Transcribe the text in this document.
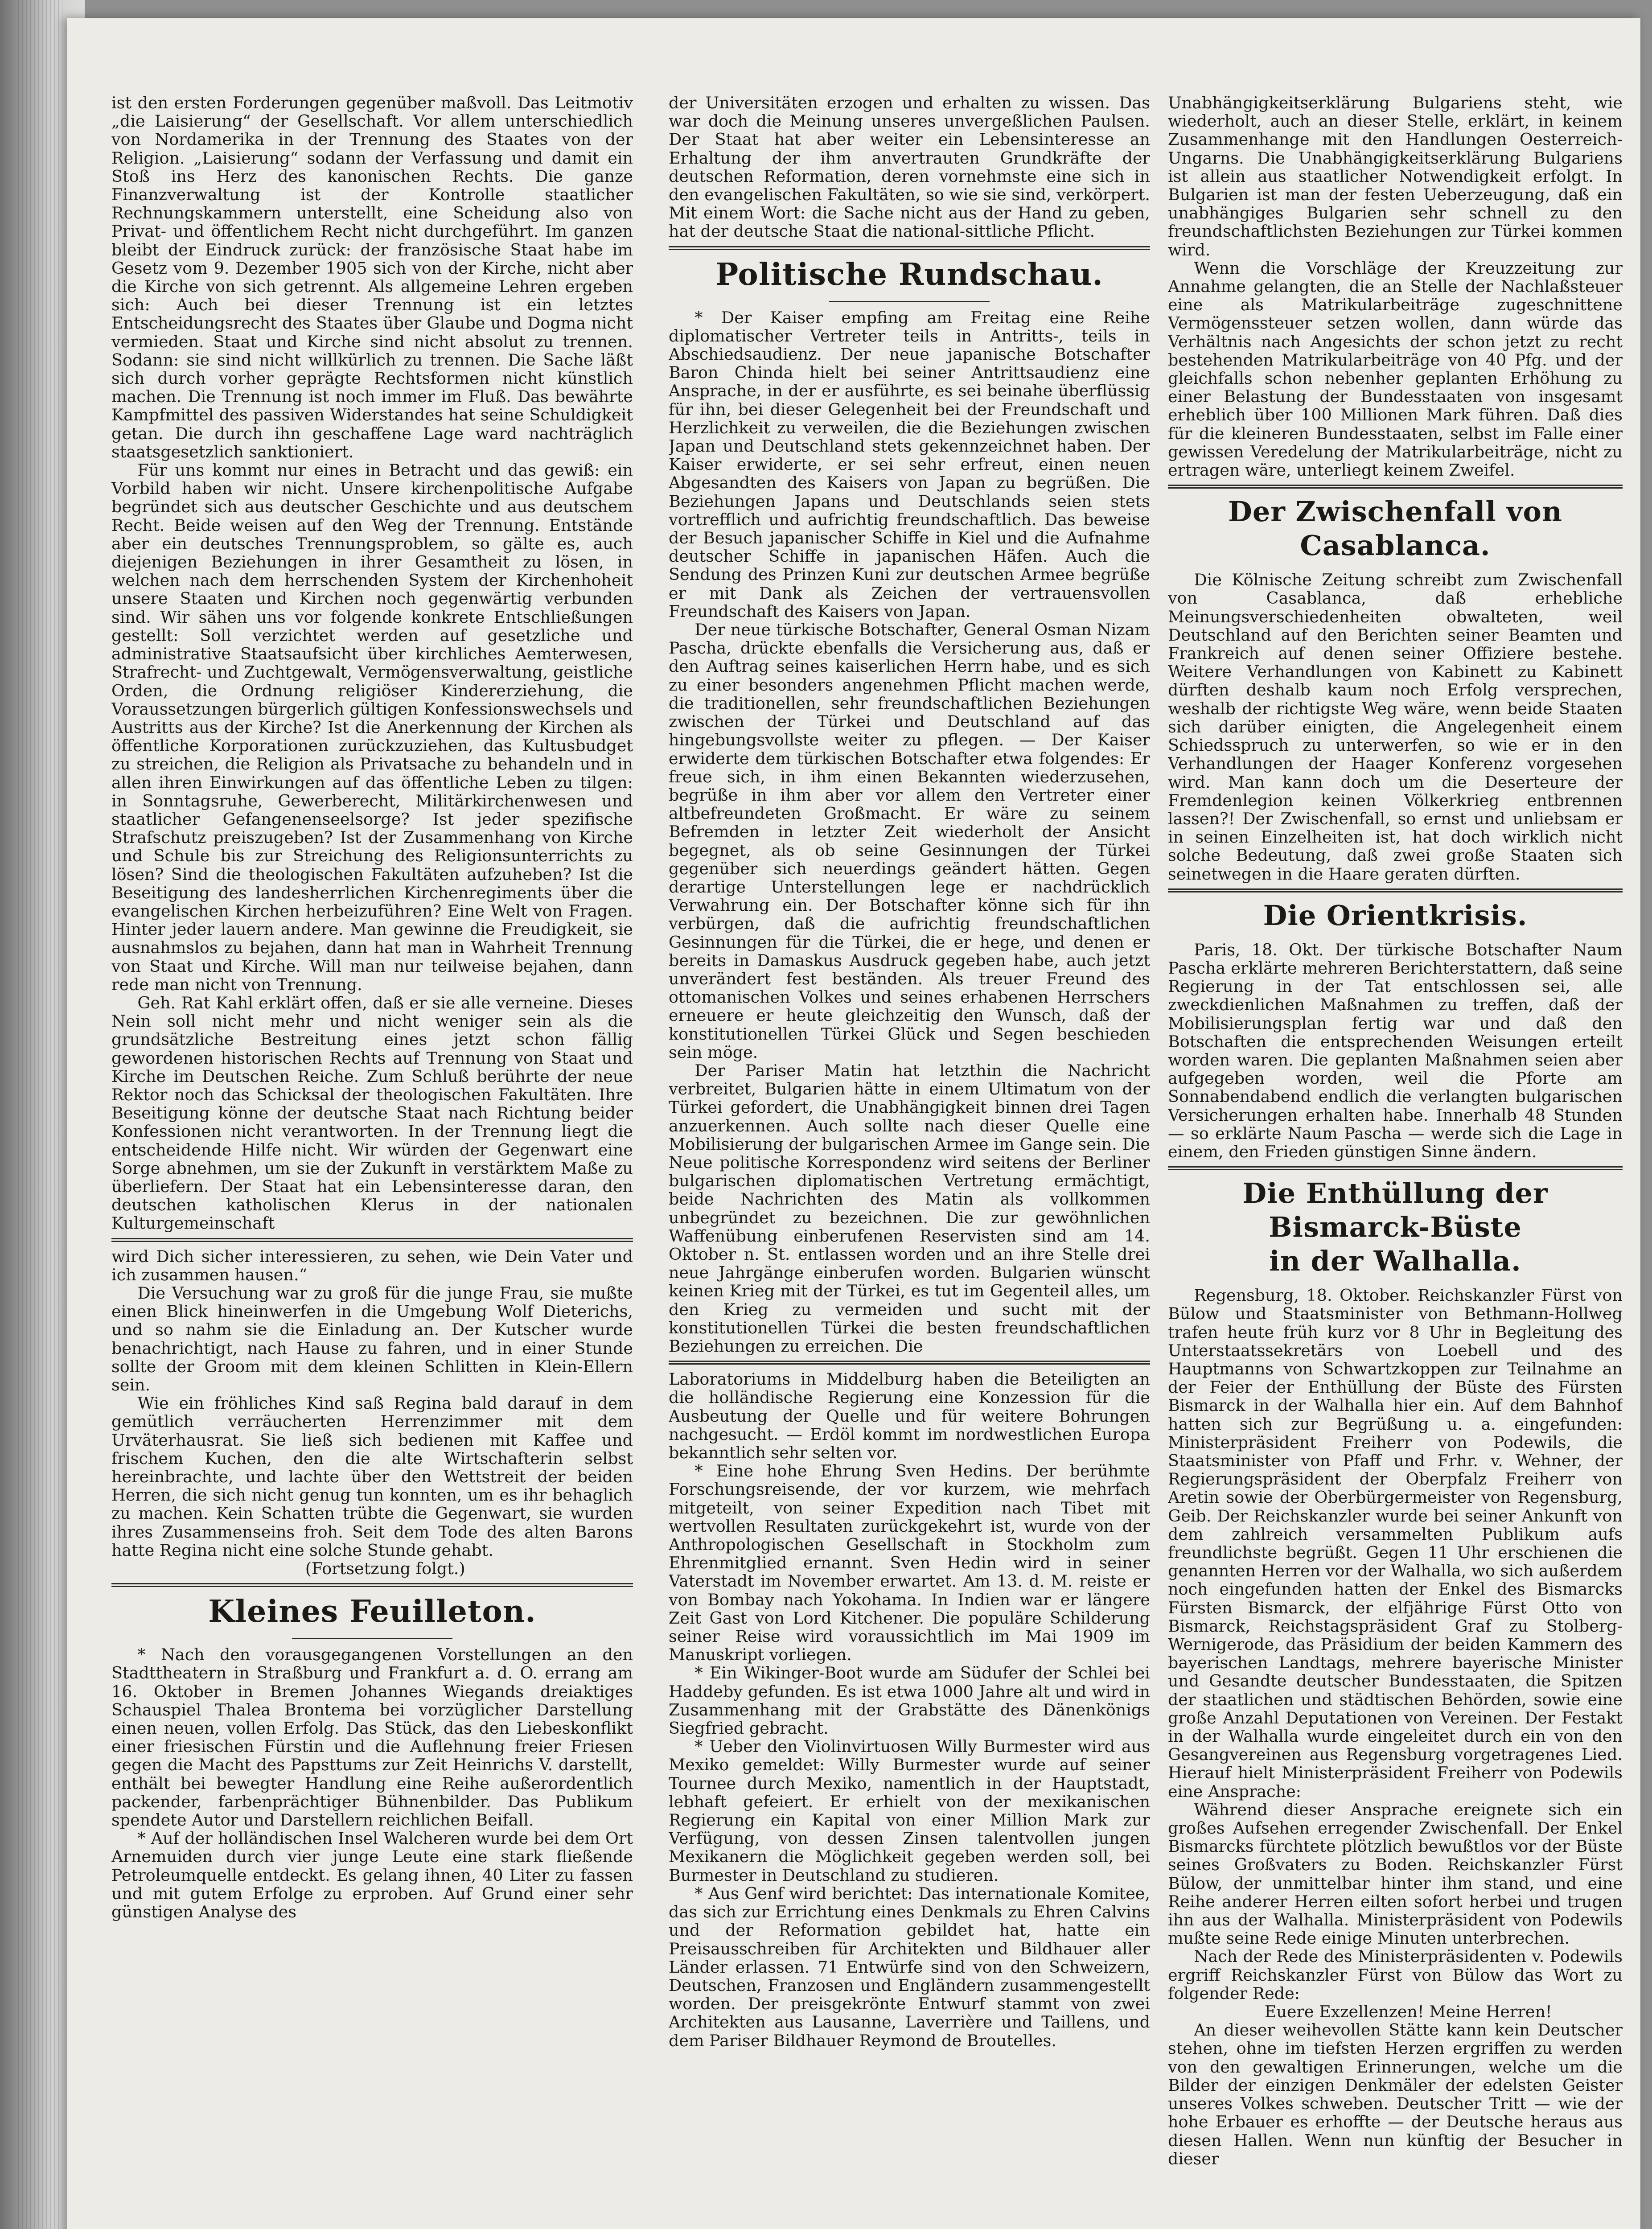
ist den ersten Forderungen gegenüber maßvoll. Das Leitmotiv „die Laisierung“ der Gesellschaft. Vor allem unterschiedlich von Nordamerika in der Trennung des Staates von der Religion. „Laisierung“ sodann der Verfassung und damit ein Stoß ins Herz des kanonischen Rechts. Die ganze Finanzverwaltung ist der Kontrolle staatlicher Rechnungskammern unterstellt, eine Scheidung also von Privat- und öffentlichem Recht nicht durchgeführt. Im ganzen bleibt der Eindruck zurück: der französische Staat habe im Gesetz vom 9. Dezember 1905 sich von der Kirche, nicht aber die Kirche von sich getrennt. Als allgemeine Lehren ergeben sich: Auch bei dieser Trennung ist ein letztes Entscheidungsrecht des Staates über Glaube und Dogma nicht vermieden. Staat und Kirche sind nicht absolut zu trennen. Sodann: sie sind nicht willkürlich zu trennen. Die Sache läßt sich durch vorher geprägte Rechtsformen nicht künstlich machen. Die Trennung ist noch immer im Fluß. Das bewährte Kampfmittel des passiven Widerstandes hat seine Schuldigkeit getan. Die durch ihn geschaffene Lage ward nachträglich staatsgesetzlich sanktioniert.

Für uns kommt nur eines in Betracht und das gewiß: ein Vorbild haben wir nicht. Unsere kirchenpolitische Aufgabe begründet sich aus deutscher Geschichte und aus deutschem Recht. Beide weisen auf den Weg der Trennung. Entstände aber ein deutsches Trennungsproblem, so gälte es, auch diejenigen Beziehungen in ihrer Gesamtheit zu lösen, in welchen nach dem herrschenden System der Kirchenhoheit unsere Staaten und Kirchen noch gegenwärtig verbunden sind. Wir sähen uns vor folgende konkrete Entschließungen gestellt: Soll verzichtet werden auf gesetzliche und administrative Staatsaufsicht über kirchliches Aemterwesen, Strafrecht- und Zuchtgewalt, Vermögensverwaltung, geistliche Orden, die Ordnung religiöser Kindererziehung, die Voraussetzungen bürgerlich gültigen Konfessionswechsels und Austritts aus der Kirche? Ist die Anerkennung der Kirchen als öffentliche Korporationen zurückzuziehen, das Kultusbudget zu streichen, die Religion als Privatsache zu behandeln und in allen ihren Einwirkungen auf das öffentliche Leben zu tilgen: in Sonntagsruhe, Gewerberecht, Militärkirchenwesen und staatlicher Gefangenenseelsorge? Ist jeder spezifische Strafschutz preiszugeben? Ist der Zusammenhang von Kirche und Schule bis zur Streichung des Religionsunterrichts zu lösen? Sind die theologischen Fakultäten aufzuheben? Ist die Beseitigung des landesherrlichen Kirchenregiments über die evangelischen Kirchen herbeizuführen? Eine Welt von Fragen. Hinter jeder lauern andere. Man gewinne die Freudigkeit, sie ausnahmslos zu bejahen, dann hat man in Wahrheit Trennung von Staat und Kirche. Will man nur teilweise bejahen, dann rede man nicht von Trennung.

Geh. Rat Kahl erklärt offen, daß er sie alle verneine. Dieses Nein soll nicht mehr und nicht weniger sein als die grundsätzliche Bestreitung eines jetzt schon fällig gewordenen historischen Rechts auf Trennung von Staat und Kirche im Deutschen Reiche. Zum Schluß berührte der neue Rektor noch das Schicksal der theologischen Fakultäten. Ihre Beseitigung könne der deutsche Staat nach Richtung beider Konfessionen nicht verantworten. In der Trennung liegt die entscheidende Hilfe nicht. Wir würden der Gegenwart eine Sorge abnehmen, um sie der Zukunft in verstärktem Maße zu überliefern. Der Staat hat ein Lebensinteresse daran, den deutschen katholischen Klerus in der nationalen Kulturgemeinschaft

wird Dich sicher interessieren, zu sehen, wie Dein Vater und ich zusammen hausen.“

Die Versuchung war zu groß für die junge Frau, sie mußte einen Blick hineinwerfen in die Umgebung Wolf Dieterichs, und so nahm sie die Einladung an. Der Kutscher wurde benachrichtigt, nach Hause zu fahren, und in einer Stunde sollte der Groom mit dem kleinen Schlitten in Klein-Ellern sein.

Wie ein fröhliches Kind saß Regina bald darauf in dem gemütlich verräucherten Herrenzimmer mit dem Urväterhausrat. Sie ließ sich bedienen mit Kaffee und frischem Kuchen, den die alte Wirtschafterin selbst hereinbrachte, und lachte über den Wettstreit der beiden Herren, die sich nicht genug tun konnten, um es ihr behaglich zu machen. Kein Schatten trübte die Gegenwart, sie wurden ihres Zusammenseins froh. Seit dem Tode des alten Barons hatte Regina nicht eine solche Stunde gehabt.

(Fortsetzung folgt.)

Kleines Feuilleton.

* Nach den vorausgegangenen Vorstellungen an den Stadttheatern in Straßburg und Frankfurt a. d. O. errang am 16. Oktober in Bremen Johannes Wiegands dreiaktiges Schauspiel Thalea Brontema bei vorzüglicher Darstellung einen neuen, vollen Erfolg. Das Stück, das den Liebeskonflikt einer friesischen Fürstin und die Auflehnung freier Friesen gegen die Macht des Papsttums zur Zeit Heinrichs V. darstellt, enthält bei bewegter Handlung eine Reihe außerordentlich packender, farbenprächtiger Bühnenbilder. Das Publikum spendete Autor und Darstellern reichlichen Beifall.

* Auf der holländischen Insel Walcheren wurde bei dem Ort Arnemuiden durch vier junge Leute eine stark fließende Petroleumquelle entdeckt. Es gelang ihnen, 40 Liter zu fassen und mit gutem Erfolge zu erproben. Auf Grund einer sehr günstigen Analyse des

der Universitäten erzogen und erhalten zu wissen. Das war doch die Meinung unseres unvergeßlichen Paulsen. Der Staat hat aber weiter ein Lebensinteresse an Erhaltung der ihm anvertrauten Grundkräfte der deutschen Reformation, deren vornehmste eine sich in den evangelischen Fakultäten, so wie sie sind, verkörpert. Mit einem Wort: die Sache nicht aus der Hand zu geben, hat der deutsche Staat die national-sittliche Pflicht.

Politische Rundschau.

* Der Kaiser empfing am Freitag eine Reihe diplomatischer Vertreter teils in Antritts-, teils in Abschiedsaudienz. Der neue japanische Botschafter Baron Chinda hielt bei seiner Antrittsaudienz eine Ansprache, in der er ausführte, es sei beinahe überflüssig für ihn, bei dieser Gelegenheit bei der Freundschaft und Herzlichkeit zu verweilen, die die Beziehungen zwischen Japan und Deutschland stets gekennzeichnet haben. Der Kaiser erwiderte, er sei sehr erfreut, einen neuen Abgesandten des Kaisers von Japan zu begrüßen. Die Beziehungen Japans und Deutschlands seien stets vortrefflich und aufrichtig freundschaftlich. Das beweise der Besuch japanischer Schiffe in Kiel und die Aufnahme deutscher Schiffe in japanischen Häfen. Auch die Sendung des Prinzen Kuni zur deutschen Armee begrüße er mit Dank als Zeichen der vertrauensvollen Freundschaft des Kaisers von Japan.

Der neue türkische Botschafter, General Osman Nizam Pascha, drückte ebenfalls die Versicherung aus, daß er den Auftrag seines kaiserlichen Herrn habe, und es sich zu einer besonders angenehmen Pflicht machen werde, die traditionellen, sehr freundschaftlichen Beziehungen zwischen der Türkei und Deutschland auf das hingebungsvollste weiter zu pflegen. — Der Kaiser erwiderte dem türkischen Botschafter etwa folgendes: Er freue sich, in ihm einen Bekannten wiederzusehen, begrüße in ihm aber vor allem den Vertreter einer altbefreundeten Großmacht. Er wäre zu seinem Befremden in letzter Zeit wiederholt der Ansicht begegnet, als ob seine Gesinnungen der Türkei gegenüber sich neuerdings geändert hätten. Gegen derartige Unterstellungen lege er nachdrücklich Verwahrung ein. Der Botschafter könne sich für ihn verbürgen, daß die aufrichtig freundschaftlichen Gesinnungen für die Türkei, die er hege, und denen er bereits in Damaskus Ausdruck gegeben habe, auch jetzt unverändert fest beständen. Als treuer Freund des ottomanischen Volkes und seines erhabenen Herrschers erneuere er heute gleichzeitig den Wunsch, daß der konstitutionellen Türkei Glück und Segen beschieden sein möge.

Der Pariser Matin hat letzthin die Nachricht verbreitet, Bulgarien hätte in einem Ultimatum von der Türkei gefordert, die Unabhängigkeit binnen drei Tagen anzuerkennen. Auch sollte nach dieser Quelle eine Mobilisierung der bulgarischen Armee im Gange sein. Die Neue politische Korrespondenz wird seitens der Berliner bulgarischen diplomatischen Vertretung ermächtigt, beide Nachrichten des Matin als vollkommen unbegründet zu bezeichnen. Die zur gewöhnlichen Waffenübung einberufenen Reservisten sind am 14. Oktober n. St. entlassen worden und an ihre Stelle drei neue Jahrgänge einberufen worden. Bulgarien wünscht keinen Krieg mit der Türkei, es tut im Gegenteil alles, um den Krieg zu vermeiden und sucht mit der konstitutionellen Türkei die besten freundschaftlichen Beziehungen zu erreichen. Die

Laboratoriums in Middelburg haben die Beteiligten an die holländische Regierung eine Konzession für die Ausbeutung der Quelle und für weitere Bohrungen nachgesucht. — Erdöl kommt im nordwestlichen Europa bekanntlich sehr selten vor.

* Eine hohe Ehrung Sven Hedins. Der berühmte Forschungsreisende, der vor kurzem, wie mehrfach mitgeteilt, von seiner Expedition nach Tibet mit wertvollen Resultaten zurückgekehrt ist, wurde von der Anthropologischen Gesellschaft in Stockholm zum Ehrenmitglied ernannt. Sven Hedin wird in seiner Vaterstadt im November erwartet. Am 13. d. M. reiste er von Bombay nach Yokohama. In Indien war er längere Zeit Gast von Lord Kitchener. Die populäre Schilderung seiner Reise wird voraussichtlich im Mai 1909 im Manuskript vorliegen.

* Ein Wikinger-Boot wurde am Südufer der Schlei bei Haddeby gefunden. Es ist etwa 1000 Jahre alt und wird in Zusammenhang mit der Grabstätte des Dänenkönigs Siegfried gebracht.

* Ueber den Violinvirtuosen Willy Burmester wird aus Mexiko gemeldet: Willy Burmester wurde auf seiner Tournee durch Mexiko, namentlich in der Hauptstadt, lebhaft gefeiert. Er erhielt von der mexikanischen Regierung ein Kapital von einer Million Mark zur Verfügung, von dessen Zinsen talentvollen jungen Mexikanern die Möglichkeit gegeben werden soll, bei Burmester in Deutschland zu studieren.

* Aus Genf wird berichtet: Das internationale Komitee, das sich zur Errichtung eines Denkmals zu Ehren Calvins und der Reformation gebildet hat, hatte ein Preisausschreiben für Architekten und Bildhauer aller Länder erlassen. 71 Entwürfe sind von den Schweizern, Deutschen, Franzosen und Engländern zusammengestellt worden. Der preisgekrönte Entwurf stammt von zwei Architekten aus Lausanne, Laverrière und Taillens, und dem Pariser Bildhauer Reymond de Broutelles.

Unabhängigkeitserklärung Bulgariens steht, wie wiederholt, auch an dieser Stelle, erklärt, in keinem Zusammenhange mit den Handlungen Oesterreich-Ungarns. Die Unabhängigkeitserklärung Bulgariens ist allein aus staatlicher Notwendigkeit erfolgt. In Bulgarien ist man der festen Ueberzeugung, daß ein unabhängiges Bulgarien sehr schnell zu den freundschaftlichsten Beziehungen zur Türkei kommen wird.

Wenn die Vorschläge der Kreuzzeitung zur Annahme gelangten, die an Stelle der Nachlaßsteuer eine als Matrikularbeiträge zugeschnittene Vermögenssteuer setzen wollen, dann würde das Verhältnis nach Angesichts der schon jetzt zu recht bestehenden Matrikularbeiträge von 40 Pfg. und der gleichfalls schon nebenher geplanten Erhöhung zu einer Belastung der Bundesstaaten von insgesamt erheblich über 100 Millionen Mark führen. Daß dies für die kleineren Bundesstaaten, selbst im Falle einer gewissen Veredelung der Matrikularbeiträge, nicht zu ertragen wäre, unterliegt keinem Zweifel.

Der Zwischenfall von Casablanca.

Die Kölnische Zeitung schreibt zum Zwischenfall von Casablanca, daß erhebliche Meinungsverschiedenheiten obwalteten, weil Deutschland auf den Berichten seiner Beamten und Frankreich auf denen seiner Offiziere bestehe. Weitere Verhandlungen von Kabinett zu Kabinett dürften deshalb kaum noch Erfolg versprechen, weshalb der richtigste Weg wäre, wenn beide Staaten sich darüber einigten, die Angelegenheit einem Schiedsspruch zu unterwerfen, so wie er in den Verhandlungen der Haager Konferenz vorgesehen wird. Man kann doch um die Deserteure der Fremdenlegion keinen Völkerkrieg entbrennen lassen?! Der Zwischenfall, so ernst und unliebsam er in seinen Einzelheiten ist, hat doch wirklich nicht solche Bedeutung, daß zwei große Staaten sich seinetwegen in die Haare geraten dürften.

Die Orientkrisis.

Paris, 18. Okt. Der türkische Botschafter Naum Pascha erklärte mehreren Berichterstattern, daß seine Regierung in der Tat entschlossen sei, alle zweckdienlichen Maßnahmen zu treffen, daß der Mobilisierungsplan fertig war und daß den Botschaften die entsprechenden Weisungen erteilt worden waren. Die geplanten Maßnahmen seien aber aufgegeben worden, weil die Pforte am Sonnabendabend endlich die verlangten bulgarischen Versicherungen erhalten habe. Innerhalb 48 Stunden — so erklärte Naum Pascha — werde sich die Lage in einem, den Frieden günstigen Sinne ändern.

Die Enthüllung der Bismarck-Büste
in der Walhalla.

Regensburg, 18. Oktober. Reichskanzler Fürst von Bülow und Staatsminister von Bethmann-Hollweg trafen heute früh kurz vor 8 Uhr in Begleitung des Unterstaatssekretärs von Loebell und des Hauptmanns von Schwartzkoppen zur Teilnahme an der Feier der Enthüllung der Büste des Fürsten Bismarck in der Walhalla hier ein. Auf dem Bahnhof hatten sich zur Begrüßung u. a. eingefunden: Ministerpräsident Freiherr von Podewils, die Staatsminister von Pfaff und Frhr. v. Wehner, der Regierungspräsident der Oberpfalz Freiherr von Aretin sowie der Oberbürgermeister von Regensburg, Geib. Der Reichskanzler wurde bei seiner Ankunft von dem zahlreich versammelten Publikum aufs freundlichste begrüßt. Gegen 11 Uhr erschienen die genannten Herren vor der Walhalla, wo sich außerdem noch eingefunden hatten der Enkel des Bismarcks Fürsten Bismarck, der elfjährige Fürst Otto von Bismarck, Reichstagspräsident Graf zu Stolberg-Wernigerode, das Präsidium der beiden Kammern des bayerischen Landtags, mehrere bayerische Minister und Gesandte deutscher Bundesstaaten, die Spitzen der staatlichen und städtischen Behörden, sowie eine große Anzahl Deputationen von Vereinen. Der Festakt in der Walhalla wurde eingeleitet durch ein von den Gesangvereinen aus Regensburg vorgetragenes Lied. Hierauf hielt Ministerpräsident Freiherr von Podewils eine Ansprache:

Während dieser Ansprache ereignete sich ein großes Aufsehen erregender Zwischenfall. Der Enkel Bismarcks fürchtete plötzlich bewußtlos vor der Büste seines Großvaters zu Boden. Reichskanzler Fürst Bülow, der unmittelbar hinter ihm stand, und eine Reihe anderer Herren eilten sofort herbei und trugen ihn aus der Walhalla. Ministerpräsident von Podewils mußte seine Rede einige Minuten unterbrechen.

Nach der Rede des Ministerpräsidenten v. Podewils ergriff Reichskanzler Fürst von Bülow das Wort zu folgender Rede:

Euere Exzellenzen! Meine Herren!

An dieser weihevollen Stätte kann kein Deutscher stehen, ohne im tiefsten Herzen ergriffen zu werden von den gewaltigen Erinnerungen, welche um die Bilder der einzigen Denkmäler der edelsten Geister unseres Volkes schweben. Deutscher Tritt — wie der hohe Erbauer es erhoffte — der Deutsche heraus aus diesen Hallen. Wenn nun künftig der Besucher in dieser
